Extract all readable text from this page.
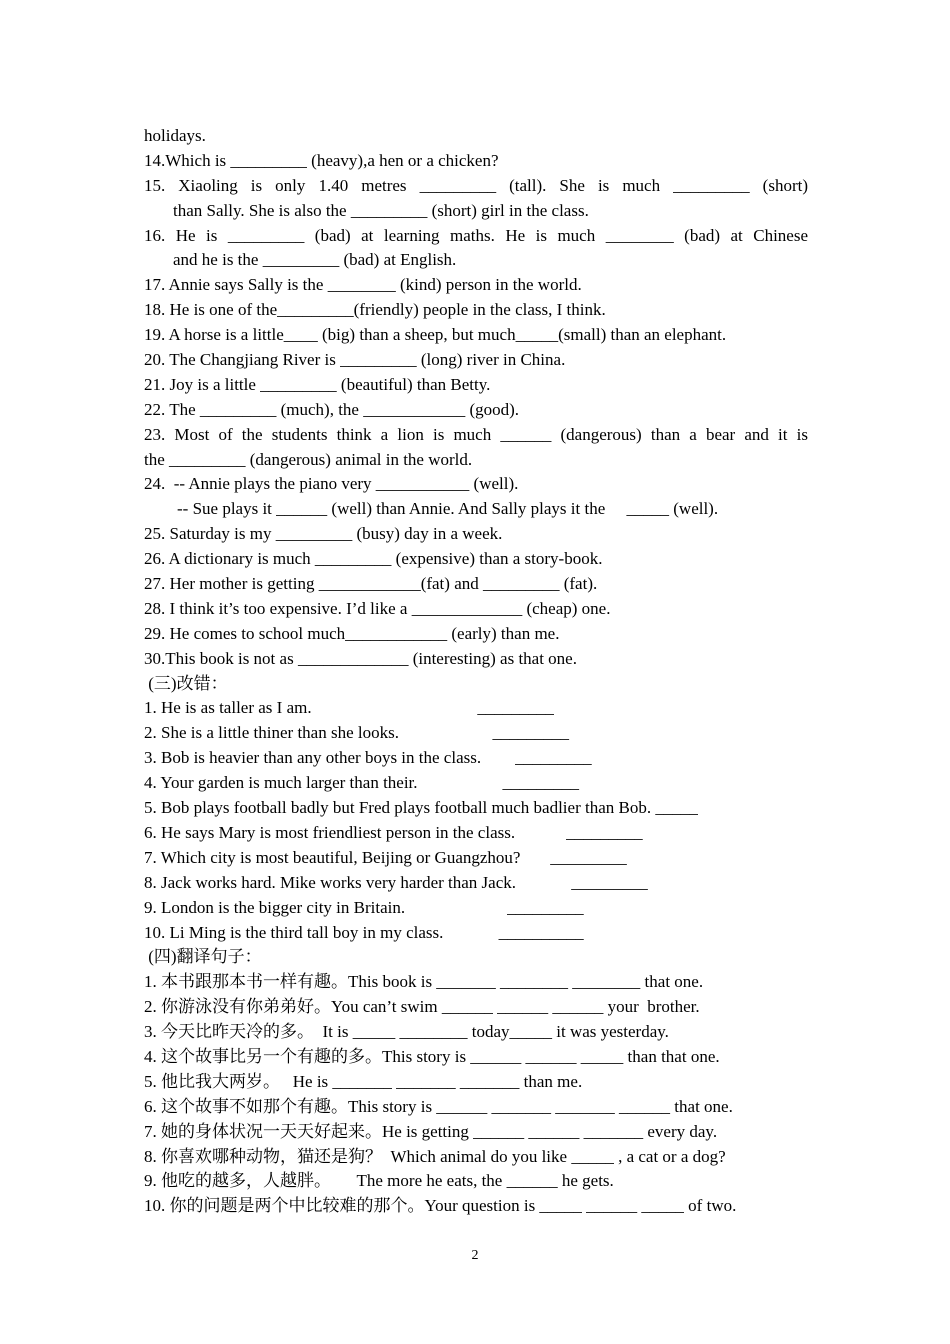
holidays.
14.Which is _________ (heavy),a hen or a chicken?
15. Xiaoling is only 1.40 metres _________ (tall). She is much _________ (short)
than Sally. She is also the _________ (short) girl in the class.
16. He is _________ (bad) at learning maths. He is much ________ (bad) at Chinese
and he is the _________ (bad) at English.
17. Annie says Sally is the ________ (kind) person in the world.
18. He is one of the_________(friendly) people in the class, I think.
19. A horse is a little____ (big) than a sheep, but much_____(small) than an elephant.
20. The Changjiang River is _________ (long) river in China.
21. Joy is a little _________ (beautiful) than Betty.
22. The _________ (much), the ____________ (good).
23. Most of the students think a lion is much ______ (dangerous) than a bear and it is
the _________ (dangerous) animal in the world.
24.  -- Annie plays the piano very ___________ (well).
-- Sue plays it ______ (well) than Annie. And Sally plays it the     _____ (well).
25. Saturday is my _________ (busy) day in a week.
26. A dictionary is much _________ (expensive) than a story-book.
27. Her mother is getting ____________(fat) and _________ (fat).
28. I think it’s too expensive. I’d like a _____________ (cheap) one.
29. He comes to school much____________ (early) than me.
30.This book is not as _____________ (interesting) as that one.
(三)改错：
1. He is as taller as I am.                                       _________
2. She is a little thiner than she looks.                      _________
3. Bob is heavier than any other boys in the class.        _________
4. Your garden is much larger than their.                    _________
5. Bob plays football badly but Fred plays football much badlier than Bob. _____
6. He says Mary is most friendliest person in the class.            _________
7. Which city is most beautiful, Beijing or Guangzhou?       _________
8. Jack works hard. Mike works very harder than Jack.             _________
9. London is the bigger city in Britain.                        _________
10. Li Ming is the third tall boy in my class.             __________
(四)翻译句子：
1. 本书跟那本书一样有趣。This book is _______ ________ ________ that one.
2. 你游泳没有你弟弟好。You can’t swim ______ ______ ______ your  brother.
3. 今天比昨天冷的多。  It is _____ ________ today_____ it was yesterday.
4. 这个故事比另一个有趣的多。This story is ______ ______ _____ than that one.
5. 他比我大两岁。   He is _______ _______ _______ than me.
6. 这个故事不如那个有趣。This story is ______ _______ _______ ______ that one.
7. 她的身体状况一天天好起来。He is getting ______ ______ _______ every day.
8. 你喜欢哪种动物，猫还是狗？  Which animal do you like _____ , a cat or a dog?
9. 他吃的越多，人越胖。      The more he eats, the ______ he gets.
10. 你的问题是两个中比较难的那个。Your question is _____ ______ _____ of two.
2
